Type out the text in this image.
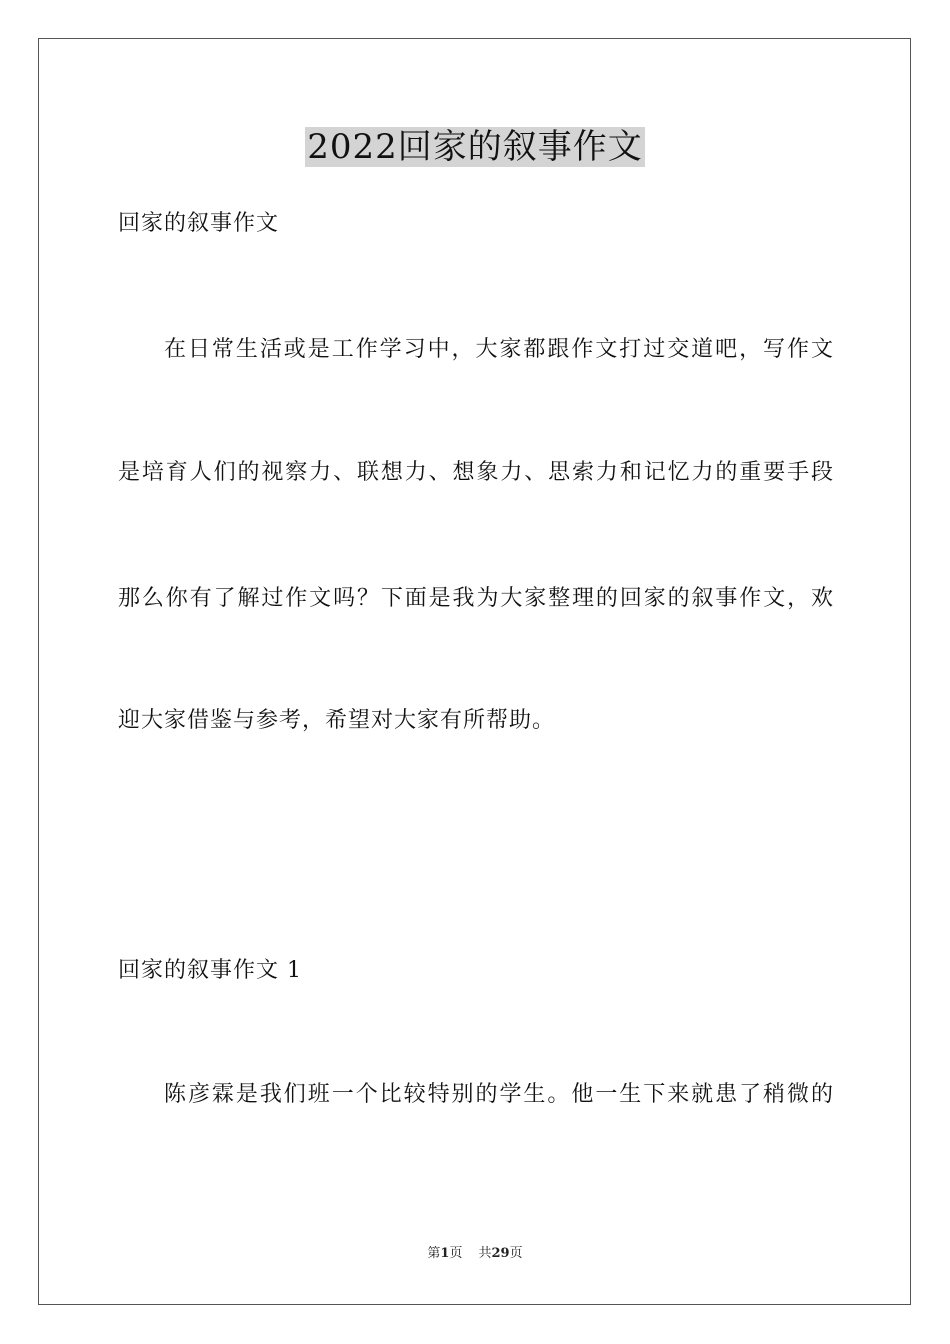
2022回家的叙事作文
回家的叙事作文
在日常生活或是工作学习中，大家都跟作文打过交道吧，写作文
是培育人们的视察力、联想力、想象力、思索力和记忆力的重要手段
那么你有了解过作文吗？下面是我为大家整理的回家的叙事作文，欢
迎大家借鉴与参考，希望对大家有所帮助。
回家的叙事作文 1
陈彦霖是我们班一个比较特别的学生。他一生下来就患了稍微的
第1页 共29页
